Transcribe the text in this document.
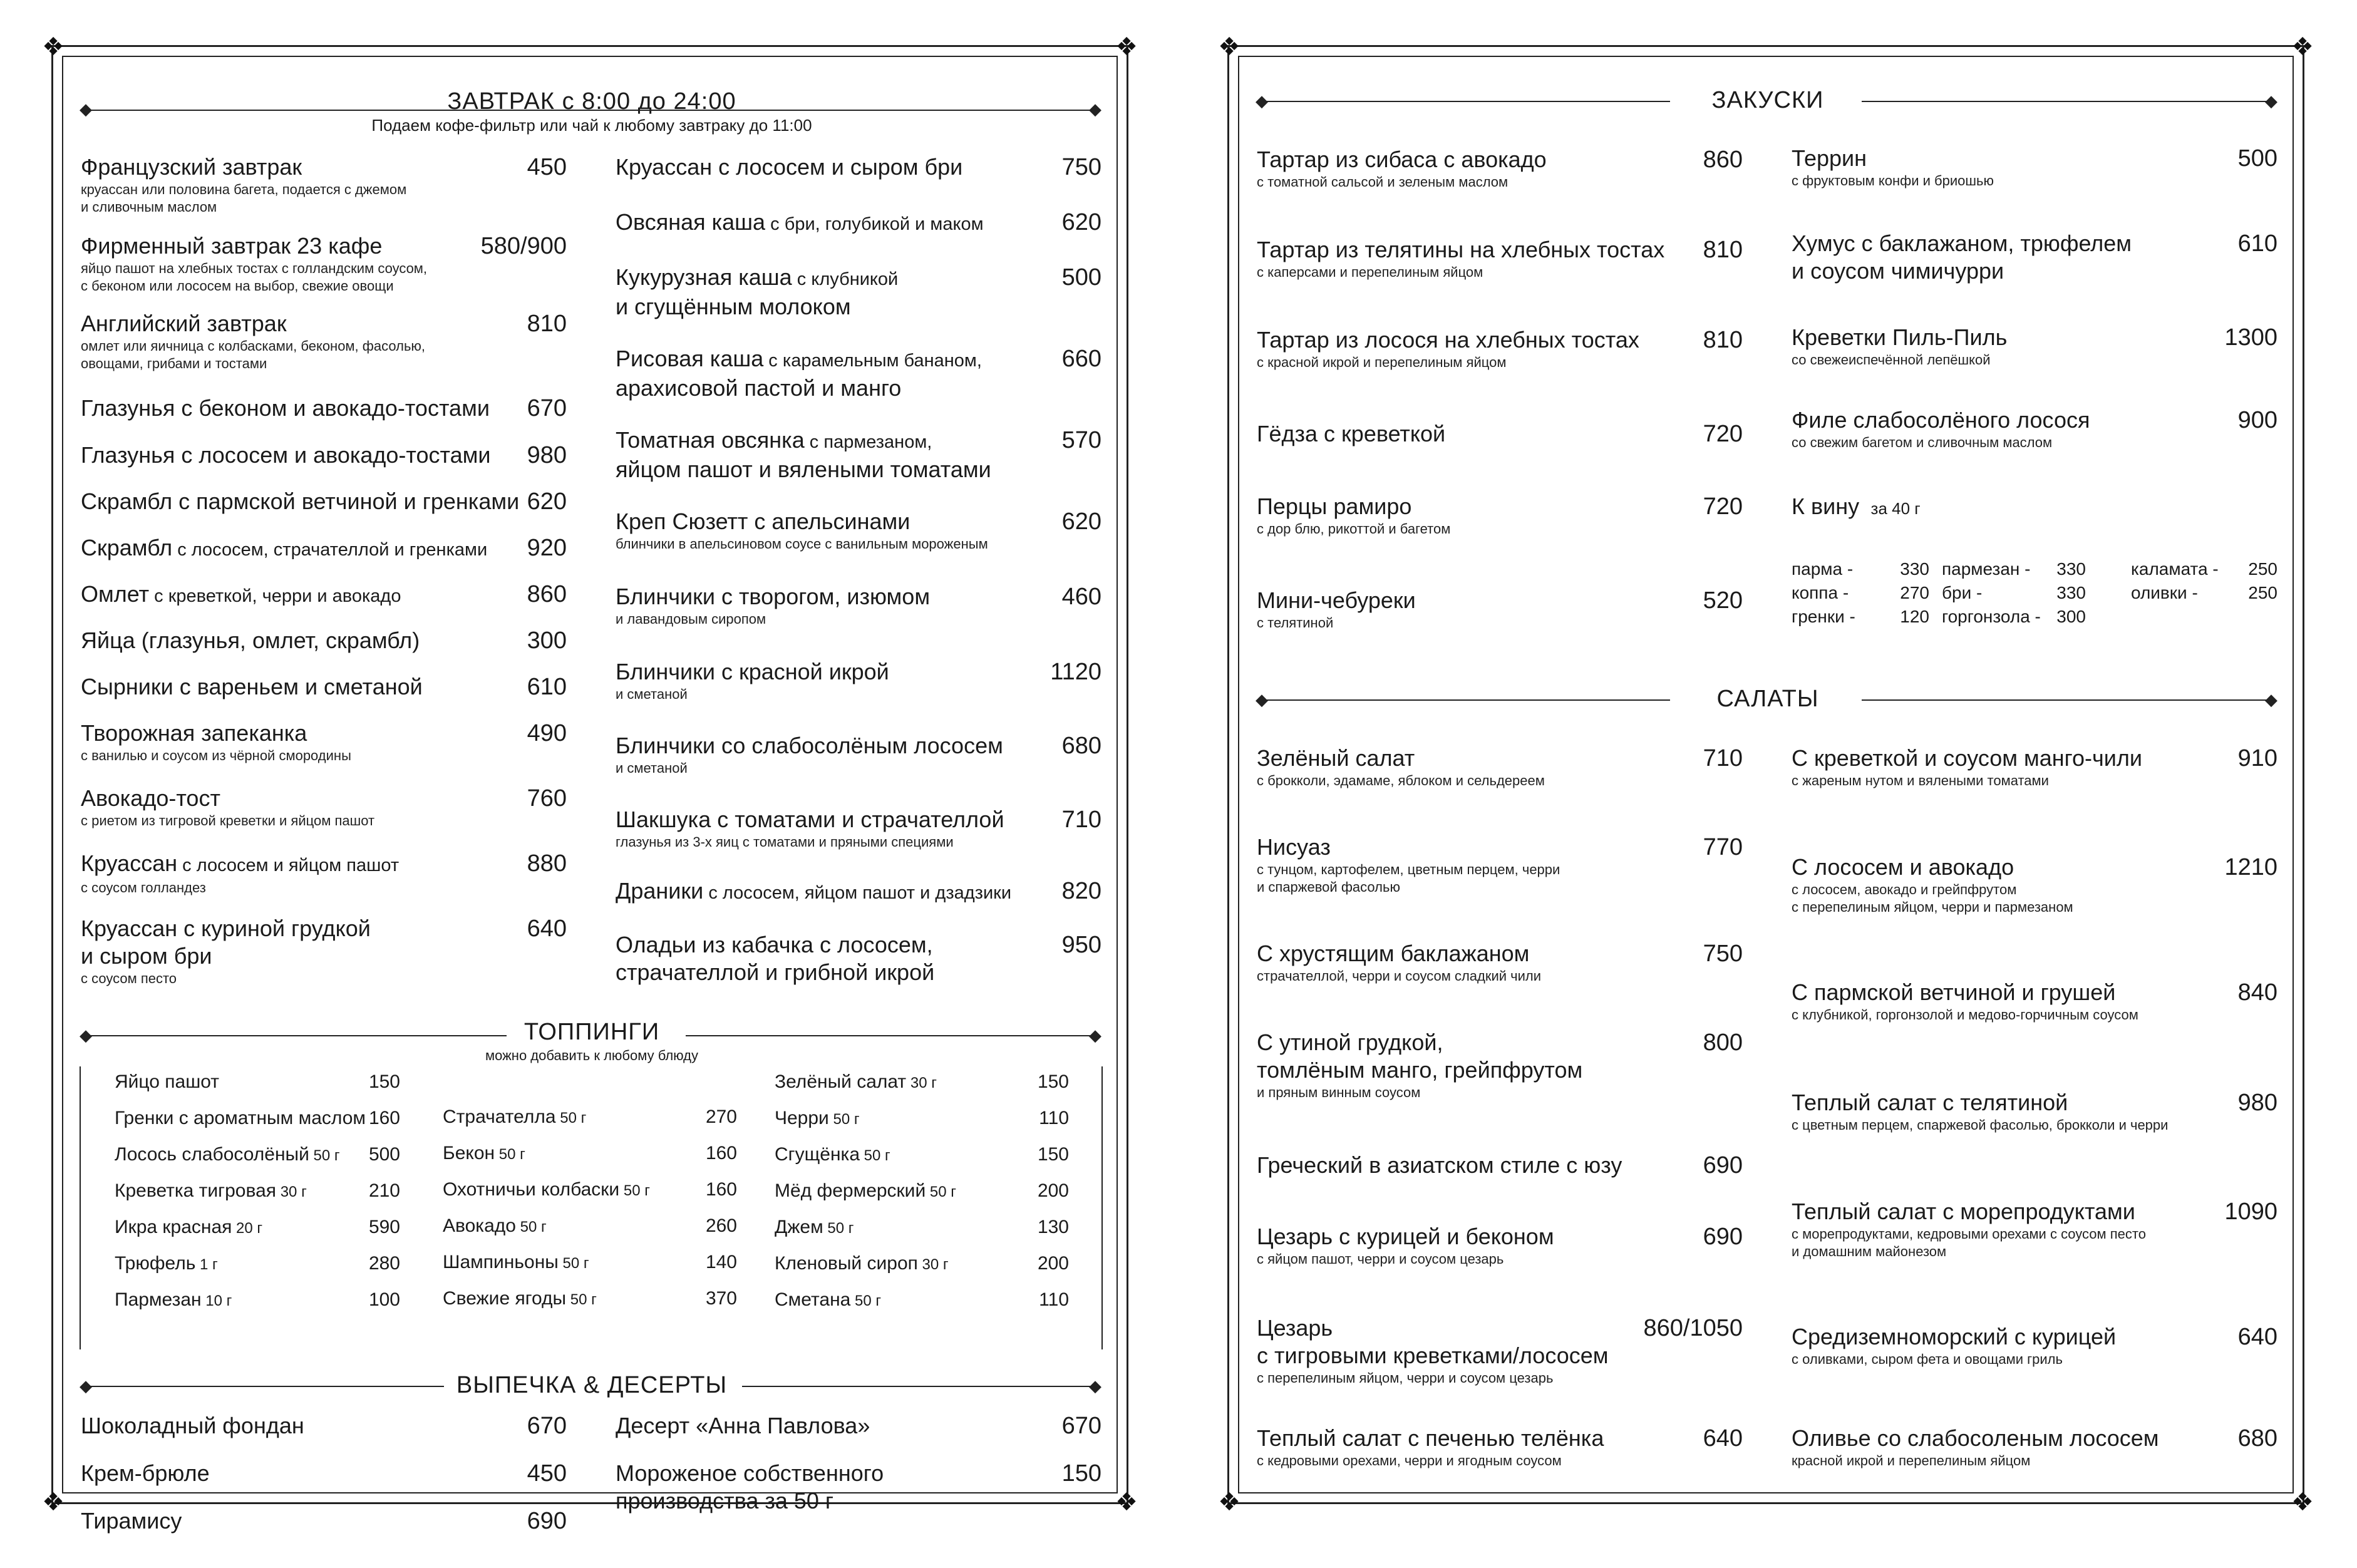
❖	❖
❖	❖
ЗАВТРАК с 8:00 до 24:00
◆	◆
Подаем кофе-фильтр или чай к любому завтраку до 11:00
Французский завтрак
круассан или половина багета, подается с джемом
и сливочным маслом
450
Фирменный завтрак 23 кафе
яйцо пашот на хлебных тостах с голландским соусом,
с беконом или лососем на выбор, свежие овощи
580/900
Английский завтрак
омлет или яичница с колбасками, беконом, фасолью,
овощами, грибами и тостами
810
Глазунья с беконом и авокадо-тостами 670
Глазунья с лососем и авокадо-тостами 980
Скрамбл с пармской ветчиной и гренками 620
Скрамбл с лососем, страчателлой и гренками 920
Омлет с креветкой, черри и авокадо	860
Яйца (глазунья, омлет, скрамбл)	300
Сырники с вареньем и сметаной	610
Творожная запеканка
с ванилью и соусом из чёрной смородины
490
Авокадо-тост
с риетом из тигровой креветки и яйцом пашот
760
Круассан с лососем и яйцом пашот
с соусом голландез
880
Круассан с куриной грудкой
и сыром бри
с соусом песто
640
Круассан с лососем и сыром бри	750
Овсяная каша с бри, голубикой и маком	620
Кукурузная каша с клубникой
и сгущённым молоком
500
Рисовая каша с карамельным бананом,
арахисовой пастой и манго
660
Томатная овсянка с пармезаном,
яйцом пашот и вялеными томатами
570
Креп Сюзетт с апельсинами
блинчики в апельсиновом соусе с ванильным мороженым
620
Блинчики с творогом, изюмом
и лавандовым сиропом
460
Блинчики с красной икрой
и сметаной
1120
Блинчики со слабосолёным лососем
и сметаной
680
Шакшука с томатами и страчателлой
глазунья из 3-х яиц с томатами и пряными специями
710
Драники с лососем, яйцом пашот и дзадзики 820
Оладьи из кабачка с лососем,
страчателлой и грибной икрой
950
ТОППИНГИ
◆	◆
можно добавить к любому блюду
Яйцо пашот	150
Гренки с ароматным маслом 160
Лосось слабосолёный 50 г 500
Креветка тигровая 30 г	210
Икра красная 20 г	590
Трюфель 1 г	280
Пармезан 10 г	100
Страчателла 50 г	270
Бекон 50 г	160
Охотничьи колбаски 50 г	160
Авокадо 50 г	260
Шампиньоны 50 г	140
Свежие ягоды 50 г	370
Зелёный салат 30 г	150
Черри 50 г	110
Сгущёнка 50 г	150
Мёд фермерский 50 г	200
Джем 50 г	130
Кленовый сироп 30 г	200
Сметана 50 г	110
ВЫПЕЧКА & ДЕСЕРТЫ
◆	◆
Шоколадный фондан	670
Крем-брюле	450
Тирамису	690
Десерт «Анна Павлова»	670
Мороженое собственного
производства за 50 г
150
❖	❖
❖	❖
ЗАКУСКИ
◆	◆
Тартар из сибаса с авокадо
с томатной сальсой и зеленым маслом
860
Тартар из телятины на хлебных тостах
с каперсами и перепелиным яйцом
810
Тартар из лосося на хлебных тостах
с красной икрой и перепелиным яйцом
810
Гёдза с креветкой	720
Перцы рамиро
с дор блю, рикоттой и багетом
720
Мини-чебуреки
с телятиной
520
Террин
с фруктовым конфи и бриошью
500
Хумус с баклажаном, трюфелем
и соусом чимичурри
610
Креветки Пиль-Пиль
со свежеиспечённой лепёшкой
1300
Филе слабосолёного лосося
со свежим багетом и сливочным маслом
900
К вину за 40 г
парма -	330
коппа -	270
гренки -	120
пармезан - 330
бри -	330
горгонзола - 300
каламата - 250
оливки -	250
САЛАТЫ
◆	◆
Зелёный салат
с брокколи, эдамаме, яблоком и сельдереем
710
Нисуаз
с тунцом, картофелем, цветным перцем, черри
и спаржевой фасолью
770
С хрустящим баклажаном
страчателлой, черри и соусом сладкий чили
750
С утиной грудкой,
томлёным манго, грейпфрутом
и пряным винным соусом
800
Греческий в азиатском стиле с юзу	690
Цезарь с курицей и беконом
с яйцом пашот, черри и соусом цезарь
690
Цезарь
с тигровыми креветками/лососем
с перепелиным яйцом, черри и соусом цезарь
860/1050
Теплый салат с печенью телёнка
с кедровыми орехами, черри и ягодным соусом
640
С креветкой и соусом манго-чили
с жареным нутом и вялеными томатами
910
С лососем и авокадо
с лососем, авокадо и грейпфрутом
с перепелиным яйцом, черри и пармезаном
1210
С пармской ветчиной и грушей
с клубникой, горгонзолой и медово-горчичным соусом
840
Теплый салат с телятиной
с цветным перцем, спаржевой фасолью, брокколи и черри
980
Теплый салат с морепродуктами
с морепродуктами, кедровыми орехами с соусом песто
и домашним майонезом
1090
Средиземноморский с курицей
с оливками, сыром фета и овощами гриль
640
Оливье со слабосоленым лососем
красной икрой и перепелиным яйцом
680
